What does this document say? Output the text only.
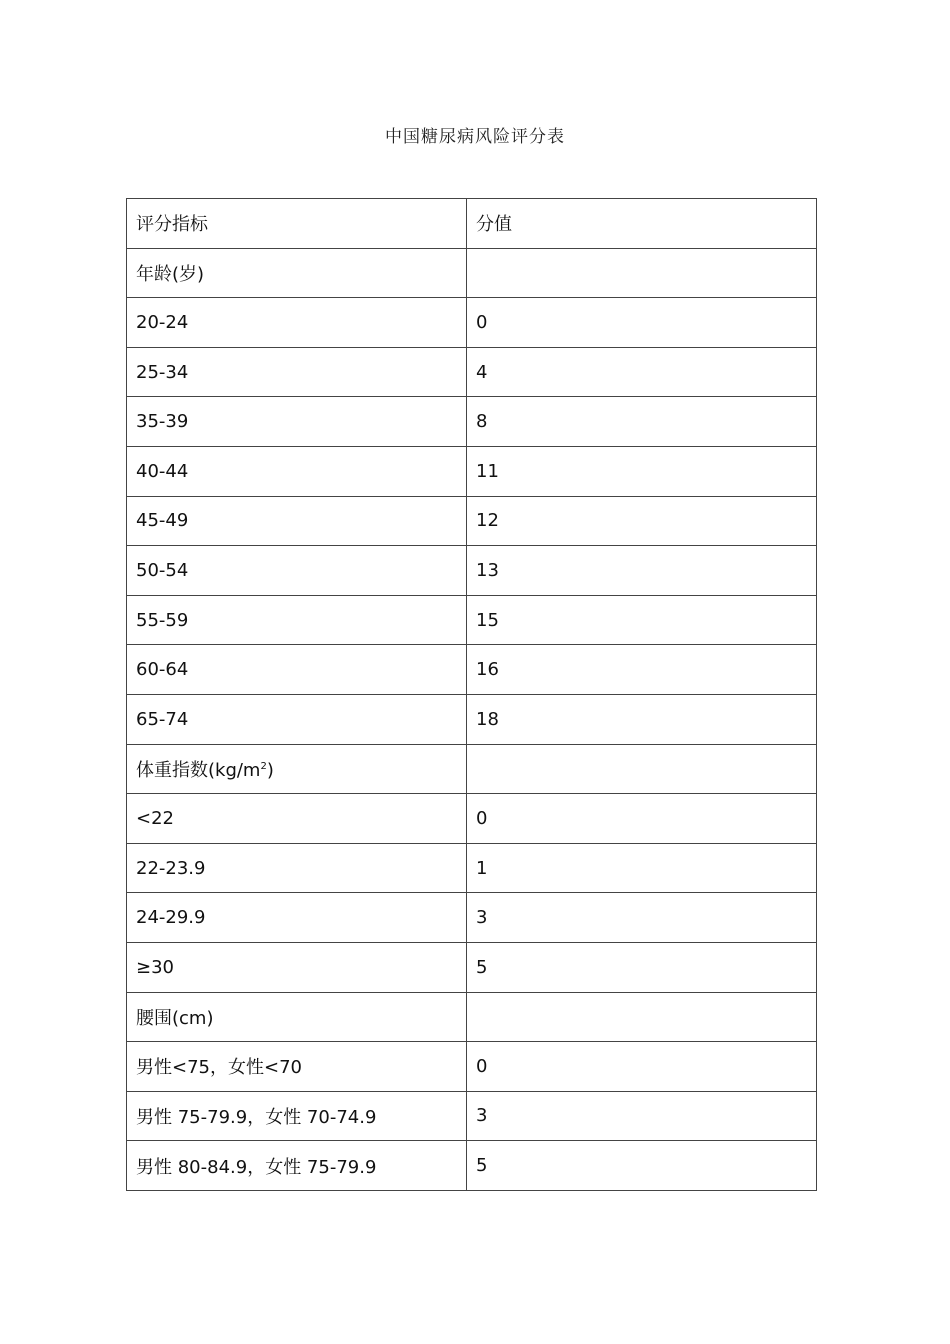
中国糖尿病风险评分表
评分指标	分值
年龄(岁)	
20-24	0
25-34	4
35-39	8
40-44	11
45-49	12
50-54	13
55-59	15
60-64	16
65-74	18
体重指数$(kg/m^2)$	
<22	0
22-23.9	1
24-29.9	3
≥30	5
腰围(cm)	
男性<75，女性<70	0
男性 75-79.9，女性 70-74.9	3
男性 80-84.9，女性 75-79.9	5
